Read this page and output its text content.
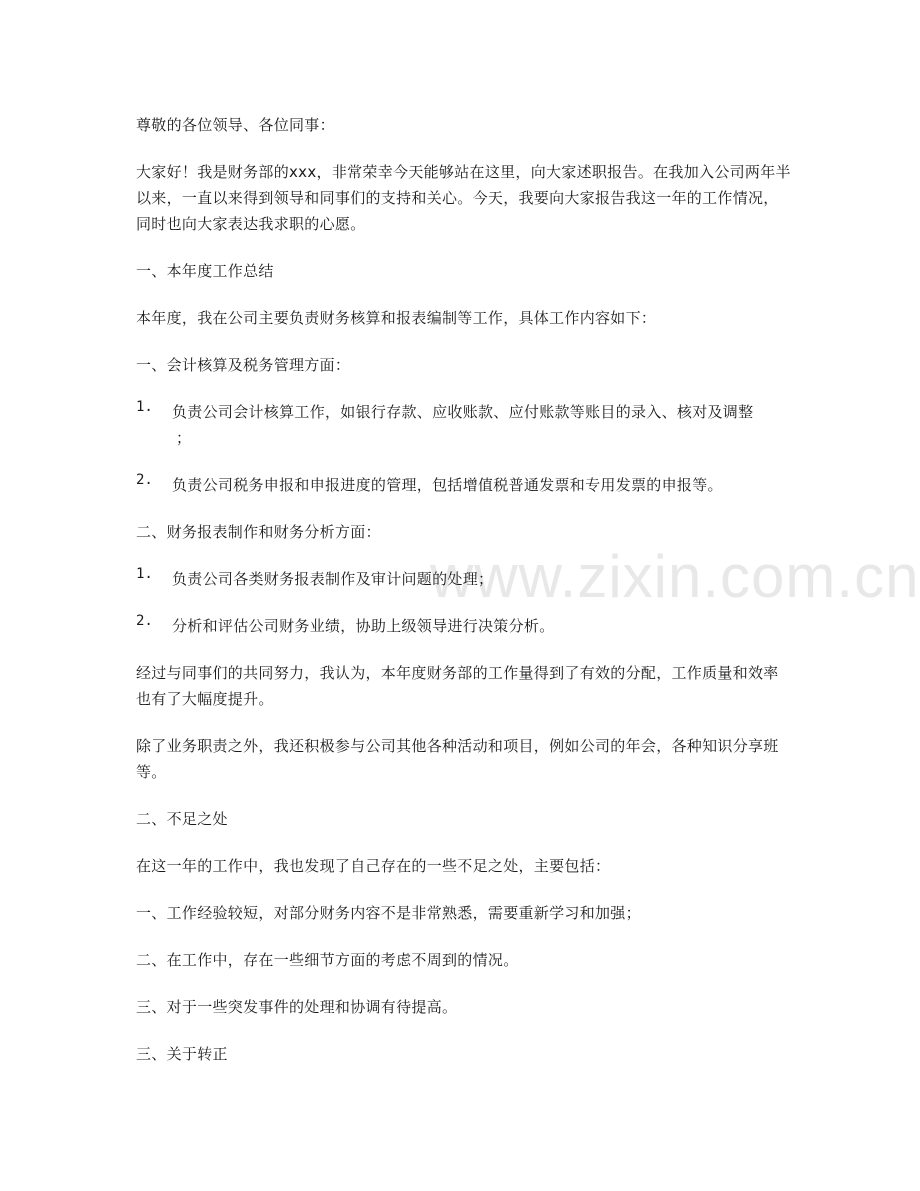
www.zixin.com.cn

尊敬的各位领导、各位同事：

大家好！我是财务部的xxx，非常荣幸今天能够站在这里，向大家述职报告。在我加入公司两年半以来，一直以来得到领导和同事们的支持和关心。今天，我要向大家报告我这一年的工作情况，同时也向大家表达我求职的心愿。

一、本年度工作总结

本年度，我在公司主要负责财务核算和报表编制等工作，具体工作内容如下：

一、会计核算及税务管理方面：

1. 负责公司会计核算工作，如银行存款、应收账款、应付账款等账目的录入、核对及调整
；

2. 负责公司税务申报和申报进度的管理，包括增值税普通发票和专用发票的申报等。

二、财务报表制作和财务分析方面：

1. 负责公司各类财务报表制作及审计问题的处理；

2. 分析和评估公司财务业绩，协助上级领导进行决策分析。

经过与同事们的共同努力，我认为，本年度财务部的工作量得到了有效的分配，工作质量和效率也有了大幅度提升。

除了业务职责之外，我还积极参与公司其他各种活动和项目，例如公司的年会，各种知识分享班等。

二、不足之处

在这一年的工作中，我也发现了自己存在的一些不足之处，主要包括：

一、工作经验较短，对部分财务内容不是非常熟悉，需要重新学习和加强；

二、在工作中，存在一些细节方面的考虑不周到的情况。

三、对于一些突发事件的处理和协调有待提高。

三、关于转正
